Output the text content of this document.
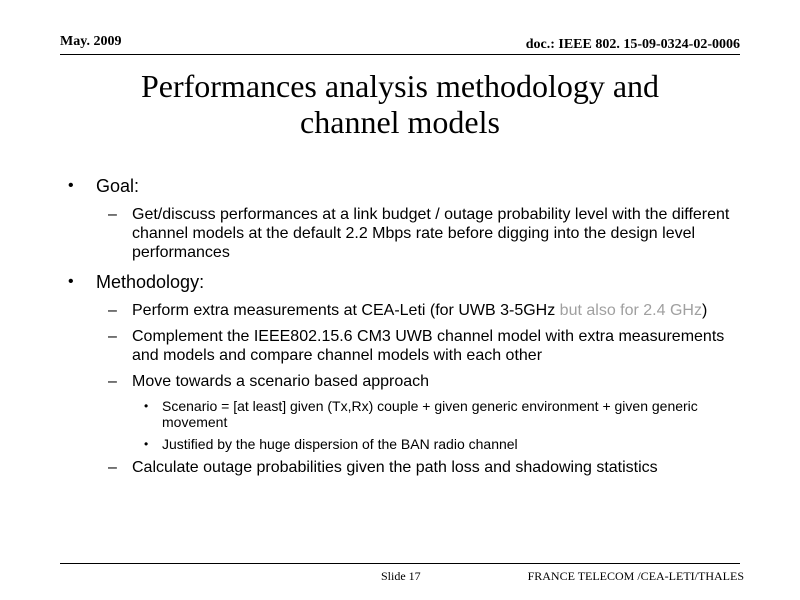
May. 2009	doc.: IEEE 802. 15-09-0324-02-0006
Performances analysis methodology and
channel models
• Goal:
– Get/discuss performances at a link budget / outage probability level with the different channel models at the default 2.2 Mbps rate before digging into the design level performances
• Methodology:
– Perform extra measurements at CEA-Leti (for UWB 3-5GHz but also for 2.4 GHz)
– Complement the IEEE802.15.6 CM3 UWB channel model with extra measurements and models and compare channel models with each other
– Move towards a scenario based approach
• Scenario = [at least] given (Tx,Rx) couple + given generic environment + given generic movement
• Justified by the huge dispersion of the BAN radio channel
– Calculate outage probabilities given the path loss and shadowing statistics
Slide 17	FRANCE TELECOM /CEA-LETI/THALES
